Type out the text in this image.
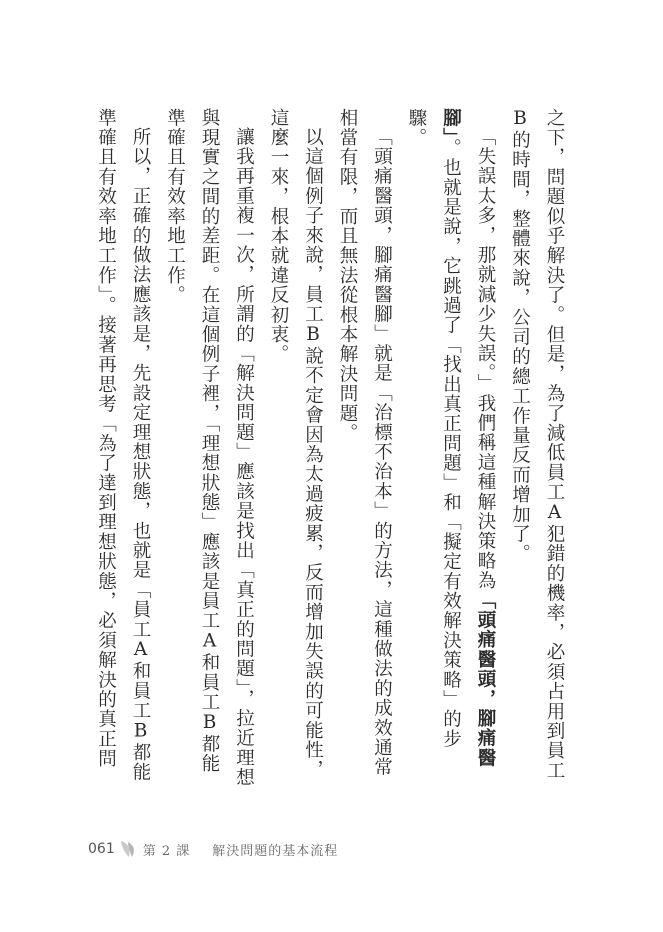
之下，問題似乎解決了。但是，為了減低員工A犯錯的機率，必須占用到員工B的時間，整體來說，公司的總工作量反而增加了。
「失誤太多，那就減少失誤。」我們稱這種解決策略為「頭痛醫頭，腳痛醫腳」。也就是說，它跳過了「找出真正問題」和「擬定有效解決策略」的步驟。
「頭痛醫頭，腳痛醫腳」就是「治標不治本」的方法，這種做法的成效通常相當有限，而且無法從根本解決問題。
以這個例子來說，員工B說不定會因為太過疲累，反而增加失誤的可能性，這麼一來，根本就違反初衷。
讓我再重複一次，所謂的「解決問題」應該是找出「真正的問題」，拉近理想與現實之間的差距。在這個例子裡，「理想狀態」應該是員工A和員工B都能準確且有效率地工作。
所以，正確的做法應該是，先設定理想狀態，也就是「員工A和員工B都能準確且有效率地工作」。接著再思考「為了達到理想狀態，必須解決的真正問
061 第 2 課 解決問題的基本流程
